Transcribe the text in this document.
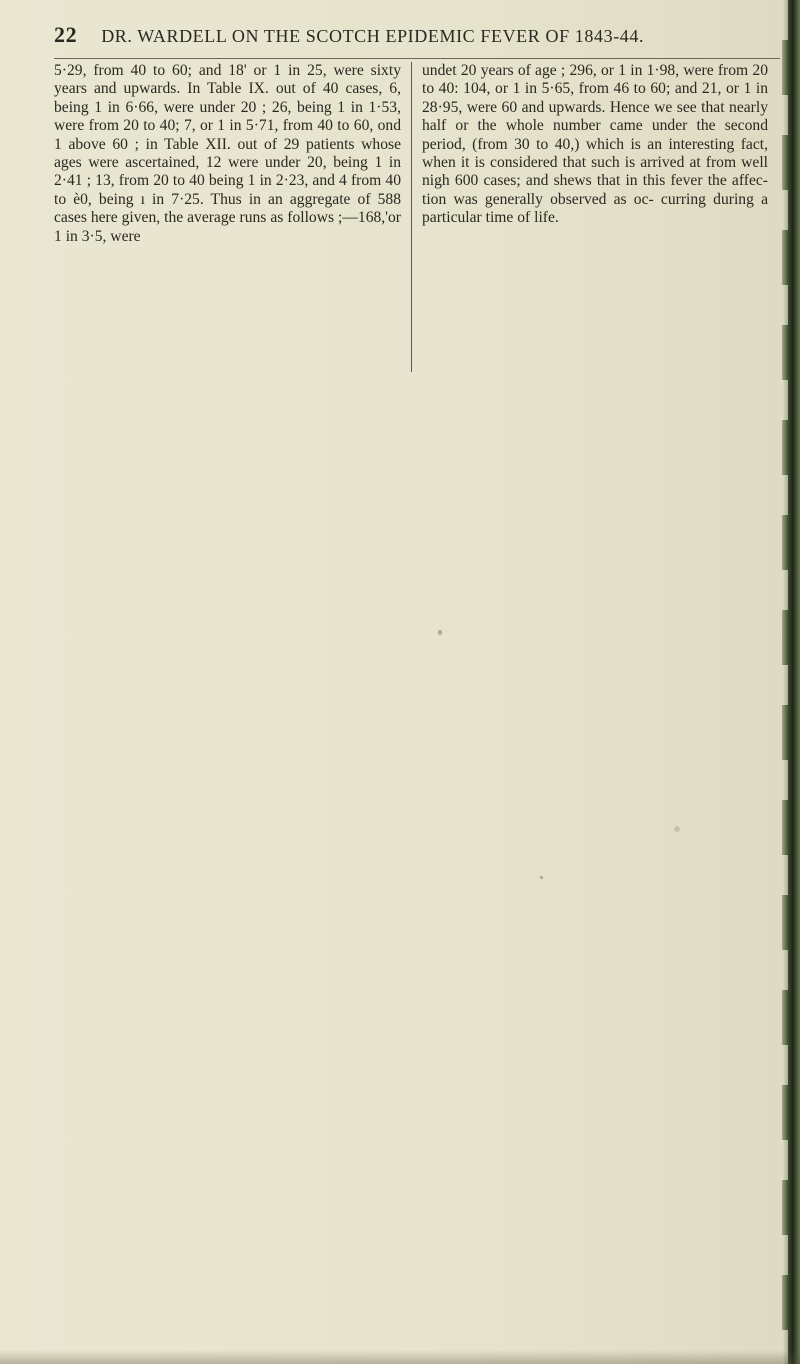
22 DR. WARDELL ON THE SCOTCH EPIDEMIC FEVER OF 1843-44.

5·29, from 40 to 60; and 18' or 1 in 25, were sixty years and upwards. In Table IX. out of 40 cases, 6, being 1 in 6·66, were under 20 ; 26, being 1 in 1·53, were from 20 to 40; 7, or 1 in 5·71, from 40 to 60, ond 1 above 60 ; in Table XII. out of 29 patients whose ages were ascertained, 12 were under 20, being 1 in 2·41 ; 13, from 20 to 40 being 1 in 2·23, and 4 from 40 to è0, being ı in 7·25. Thus in an aggregate of 588 cases here given, the average runs as follows ;—168,'or 1 in 3·5, were

undet 20 years of age ; 296, or 1 in 1·98, were from 20 to 40: 104, or 1 in 5·65, from 46 to 60; and 21, or 1 in 28·95, were 60 and upwards. Hence we see that nearly half or the whole number came under the second period, (from 30 to 40,) which is an interesting fact, when it is considered that such is arrived at from well nigh 600 cases; and shews that in this fever the affec- tion was generally observed as oc- curring during a particular time of life.
